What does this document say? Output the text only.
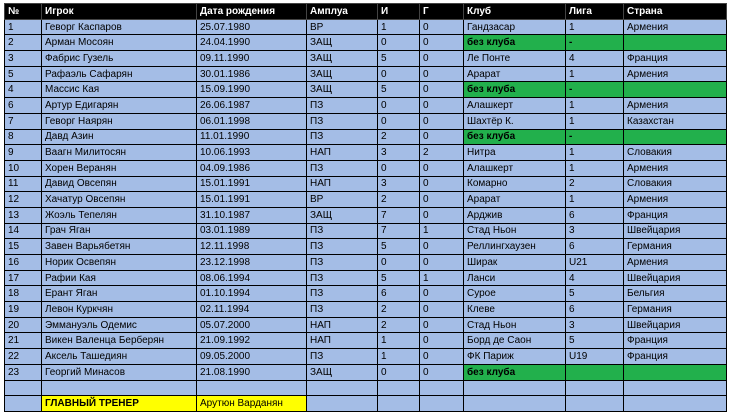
№	Игрок	Дата рождения	Амплуа	И	Г	Клуб	Лига	Страна
1	Геворг Каспаров	25.07.1980	ВР	1	0	Гандзасар	1	Армения
2	Арман Мосоян	24.04.1990	ЗАЩ	0	0	без клуба	-	
3	Фабрис Гузель	09.11.1990	ЗАЩ	5	0	Ле Понте	4	Франция
5	Рафаэль Сафарян	30.01.1986	ЗАЩ	0	0	Арарат	1	Армения
4	Массис Кая	15.09.1990	ЗАЩ	5	0	без клуба	-	
6	Артур Едигарян	26.06.1987	ПЗ	0	0	Алашкерт	1	Армения
7	Геворг Наярян	06.01.1998	ПЗ	0	0	Шахтёр К.	1	Казахстан
8	Давд Азин	11.01.1990	ПЗ	2	0	без клуба	-	
9	Ваагн Милитосян	10.06.1993	НАП	3	2	Нитра	1	Словакия
10	Хорен Веранян	04.09.1986	ПЗ	0	0	Алашкерт	1	Армения
11	Давид Овсепян	15.01.1991	НАП	3	0	Комарно	2	Словакия
12	Хачатур Овсепян	15.01.1991	ВР	2	0	Арарат	1	Армения
13	Жоэль Тепелян	31.10.1987	ЗАЩ	7	0	Арджив	6	Франция
14	Грач Яган	03.01.1989	ПЗ	7	1	Стад Ньон	3	Швейцария
15	Завен Варьябетян	12.11.1998	ПЗ	5	0	Реллингхаузен	6	Германия
16	Норик Освепян	23.12.1998	ПЗ	0	0	Ширак	U21	Армения
17	Рафии Кая	08.06.1994	ПЗ	5	1	Ланси	4	Швейцария
18	Ерант Яган	01.10.1994	ПЗ	6	0	Суроe	5	Бельгия
19	Левон Куркчян	02.11.1994	ПЗ	2	0	Клеве	6	Германия
20	Эммануэль Одемис	05.07.2000	НАП	2	0	Стад Ньон	3	Швейцария
21	Викен Валенца Берберян	21.09.1992	НАП	1	0	Борд де Саон	5	Франция
22	Аксель Ташедиян	09.05.2000	ПЗ	1	0	ФК Париж	U19	Франция
23	Георгий Минасов	21.08.1990	ЗАЩ	0	0	без клуба		

	ГЛАВНЫЙ ТРЕНЕР	Арутюн Варданян						
